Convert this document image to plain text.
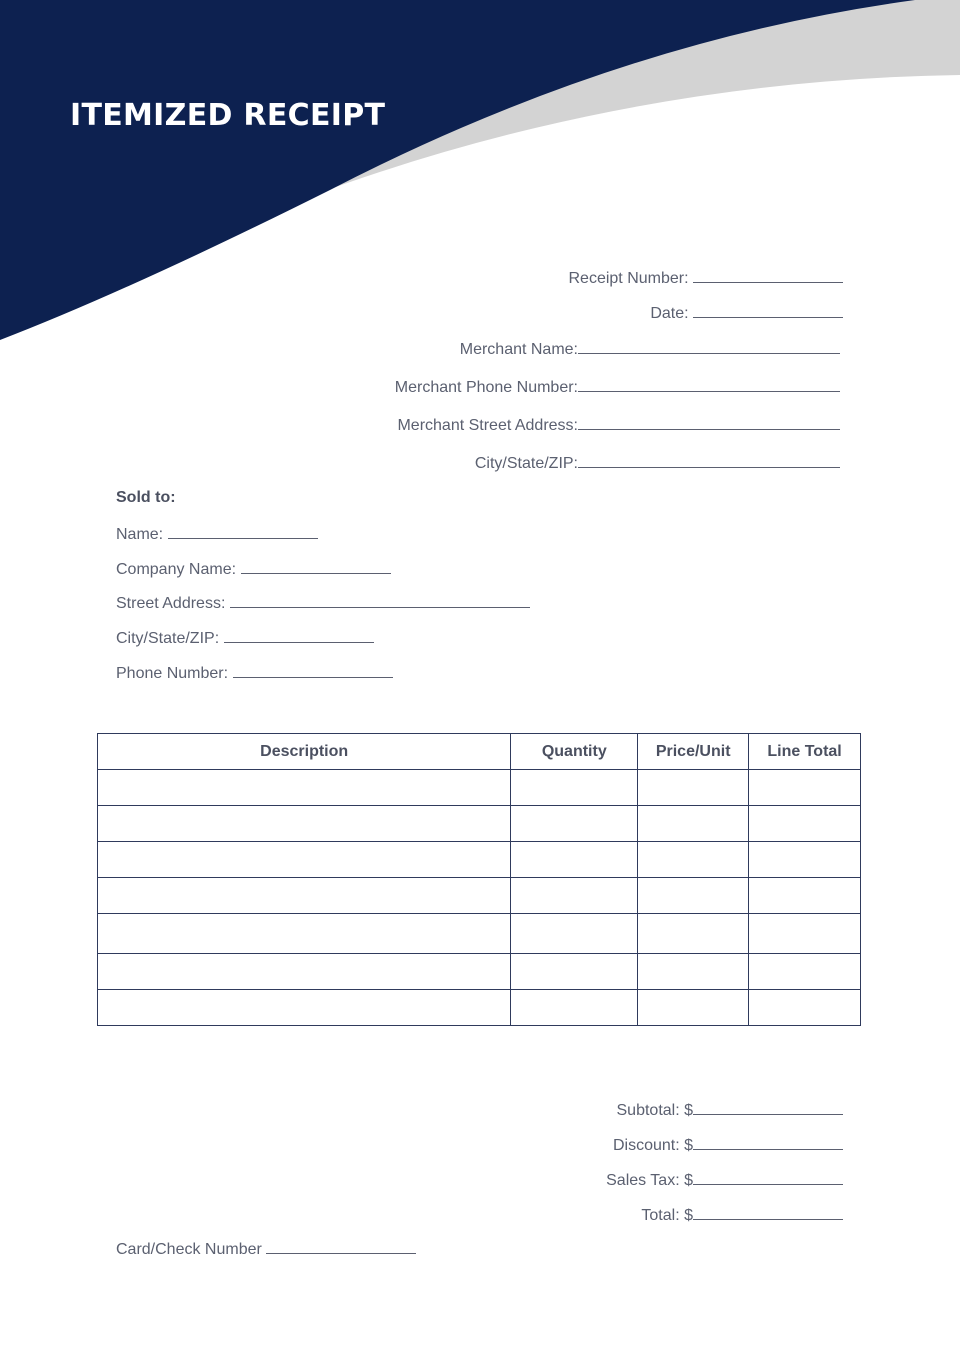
ITEMIZED RECEIPT
Receipt Number:
Date:
Merchant Name:
Merchant Phone Number:
Merchant Street Address:
City/State/ZIP:
Sold to:
Name:
Company Name:
Street Address:
City/State/ZIP:
Phone Number:
Description	Quantity	Price/Unit	Line Total

Subtotal: $
Discount: $
Sales Tax: $
Total: $
Card/Check Number
